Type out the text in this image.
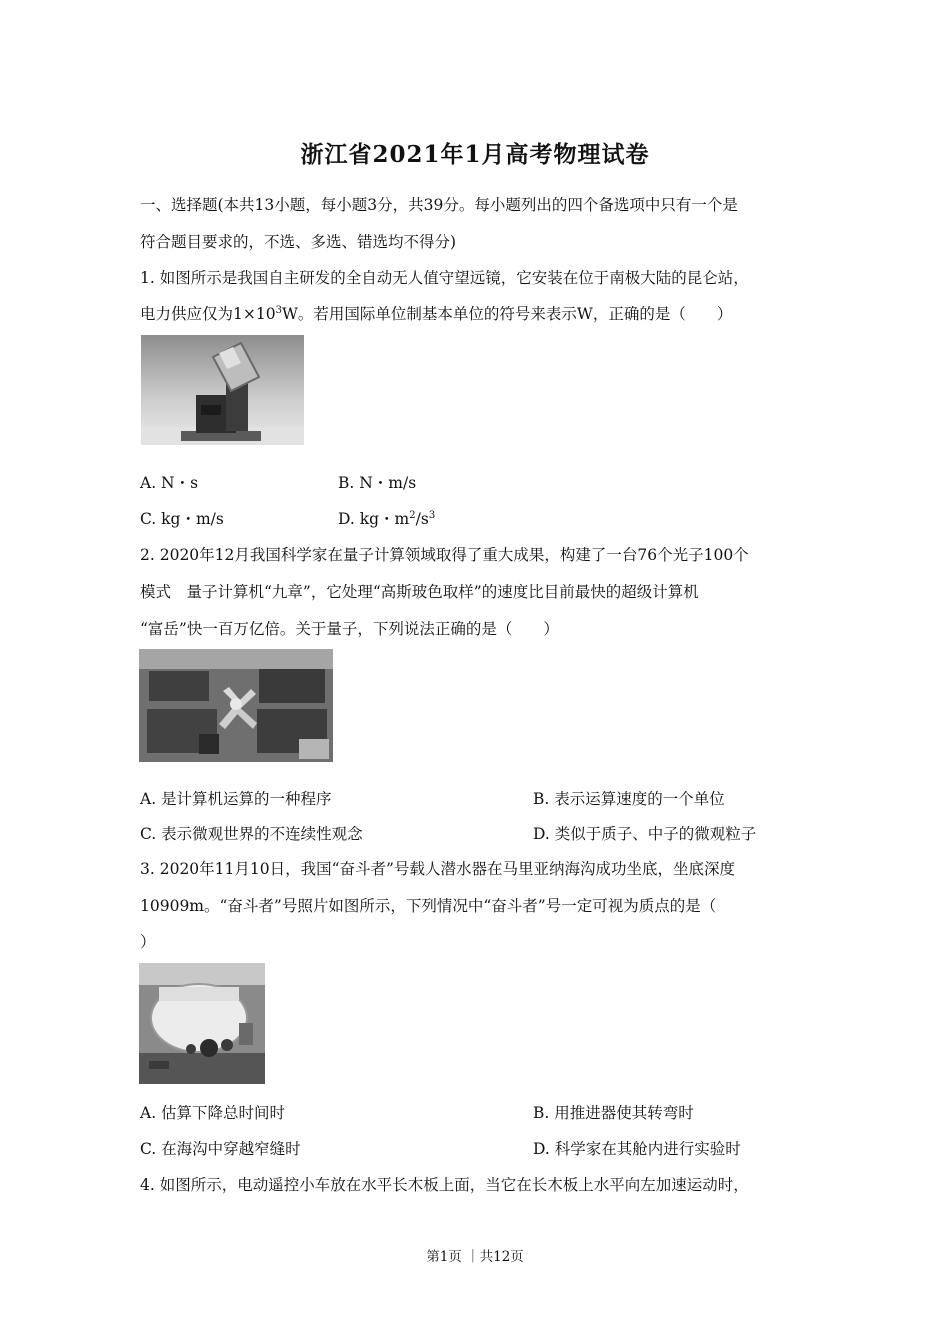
浙江省2021年1月高考物理试卷
一、选择题(本共13小题，每小题3分，共39分。每小题列出的四个备选项中只有一个是
符合题目要求的，不选、多选、错选均不得分)
1. 如图所示是我国自主研发的全自动无人值守望远镜，它安装在位于南极大陆的昆仑站，
电力供应仅为$1\times 10^3W$。若用国际单位制基本单位的符号来表示W，正确的是（　　）
A. N・s	B. N・m/s
C. kg・m/s	D. kg・$m^2/s^3$
2. 2020年12月我国科学家在量子计算领域取得了重大成果，构建了一台76个光子100个
模式　量子计算机“九章”，它处理“高斯玻色取样”的速度比目前最快的超级计算机
“富岳”快一百万亿倍。关于量子，下列说法正确的是（　　）
A. 是计算机运算的一种程序	B. 表示运算速度的一个单位
C. 表示微观世界的不连续性观念	D. 类似于质子、中子的微观粒子
3. 2020年11月10日，我国“奋斗者”号载人潜水器在马里亚纳海沟成功坐底，坐底深度
10909m。“奋斗者”号照片如图所示，下列情况中“奋斗者”号一定可视为质点的是（
）
A. 估算下降总时间时	B. 用推进器使其转弯时
C. 在海沟中穿越窄缝时	D. 科学家在其舱内进行实验时
4. 如图所示，电动遥控小车放在水平长木板上面，当它在长木板上水平向左加速运动时，
第1页 ｜共12页
